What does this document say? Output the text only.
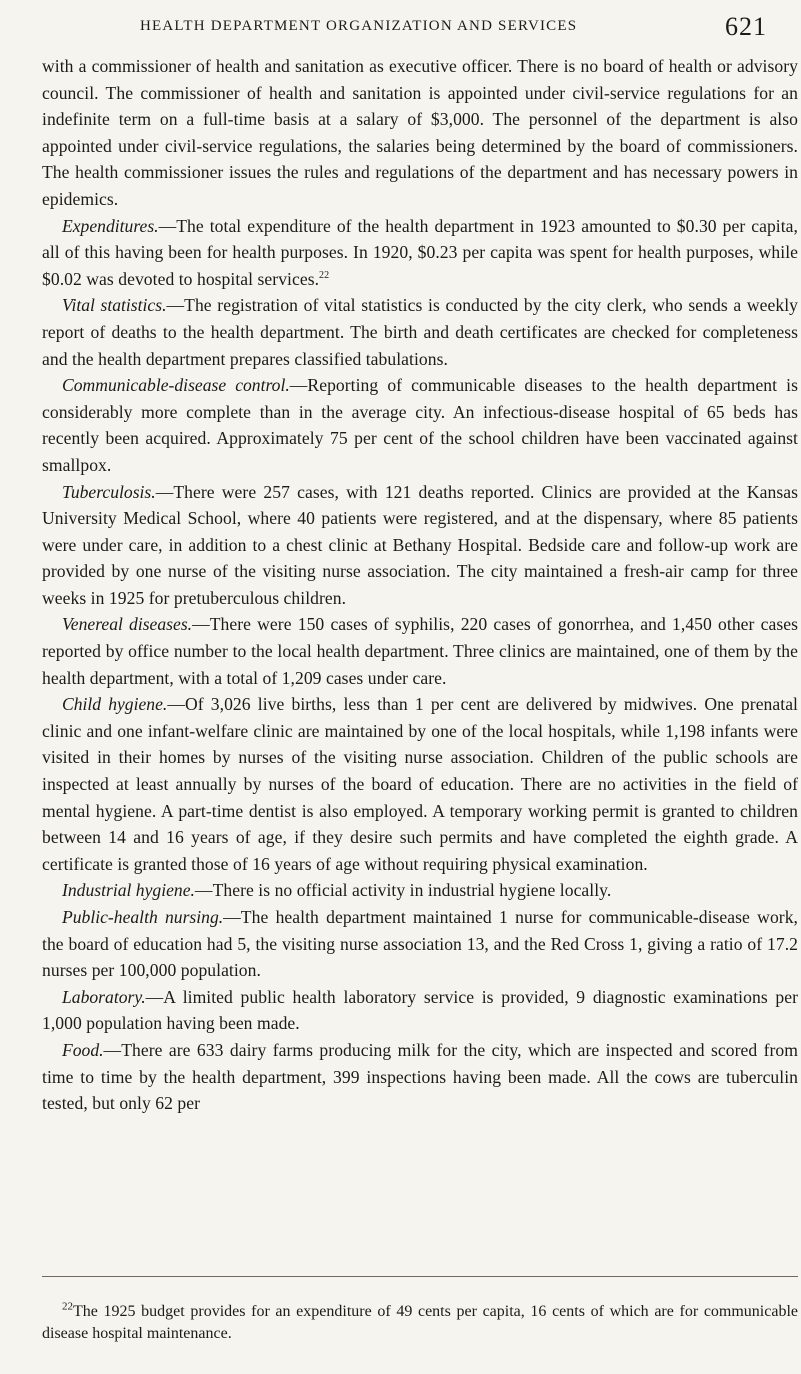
HEALTH DEPARTMENT ORGANIZATION AND SERVICES	621

with a commissioner of health and sanitation as executive officer. There is no board of health or advisory council. The commissioner of health and sanitation is appointed under civil-service regulations for an indefinite term on a full-time basis at a salary of $3,000. The personnel of the department is also appointed under civil-service regulations, the salaries being determined by the board of commissioners. The health commissioner issues the rules and regulations of the department and has necessary powers in epidemics.

Expenditures.—The total expenditure of the health department in 1923 amounted to $0.30 per capita, all of this having been for health purposes. In 1920, $0.23 per capita was spent for health purposes, while $0.02 was devoted to hospital services.$^{22}$

Vital statistics.—The registration of vital statistics is conducted by the city clerk, who sends a weekly report of deaths to the health department. The birth and death certificates are checked for completeness and the health department prepares classified tabulations.

Communicable-disease control.—Reporting of communicable diseases to the health department is considerably more complete than in the average city. An infectious-disease hospital of 65 beds has recently been acquired. Approximately 75 per cent of the school children have been vaccinated against smallpox.

Tuberculosis.—There were 257 cases, with 121 deaths reported. Clinics are provided at the Kansas University Medical School, where 40 patients were registered, and at the dispensary, where 85 patients were under care, in addition to a chest clinic at Bethany Hospital. Bedside care and follow-up work are provided by one nurse of the visiting nurse association. The city maintained a fresh-air camp for three weeks in 1925 for pretuberculous children.

Venereal diseases.—There were 150 cases of syphilis, 220 cases of gonorrhea, and 1,450 other cases reported by office number to the local health department. Three clinics are maintained, one of them by the health department, with a total of 1,209 cases under care.

Child hygiene.—Of 3,026 live births, less than 1 per cent are delivered by midwives. One prenatal clinic and one infant-welfare clinic are maintained by one of the local hospitals, while 1,198 infants were visited in their homes by nurses of the visiting nurse association. Children of the public schools are inspected at least annually by nurses of the board of education. There are no activities in the field of mental hygiene. A part-time dentist is also employed. A temporary working permit is granted to children between 14 and 16 years of age, if they desire such permits and have completed the eighth grade. A certificate is granted those of 16 years of age without requiring physical examination.

Industrial hygiene.—There is no official activity in industrial hygiene locally.

Public-health nursing.—The health department maintained 1 nurse for communicable-disease work, the board of education had 5, the visiting nurse association 13, and the Red Cross 1, giving a ratio of 17.2 nurses per 100,000 population.

Laboratory.—A limited public health laboratory service is provided, 9 diagnostic examinations per 1,000 population having been made.

Food.—There are 633 dairy farms producing milk for the city, which are inspected and scored from time to time by the health department, 399 inspections having been made. All the cows are tuberculin tested, but only 62 per

$^{22}$The 1925 budget provides for an expenditure of 49 cents per capita, 16 cents of which are for communicable disease hospital maintenance.
